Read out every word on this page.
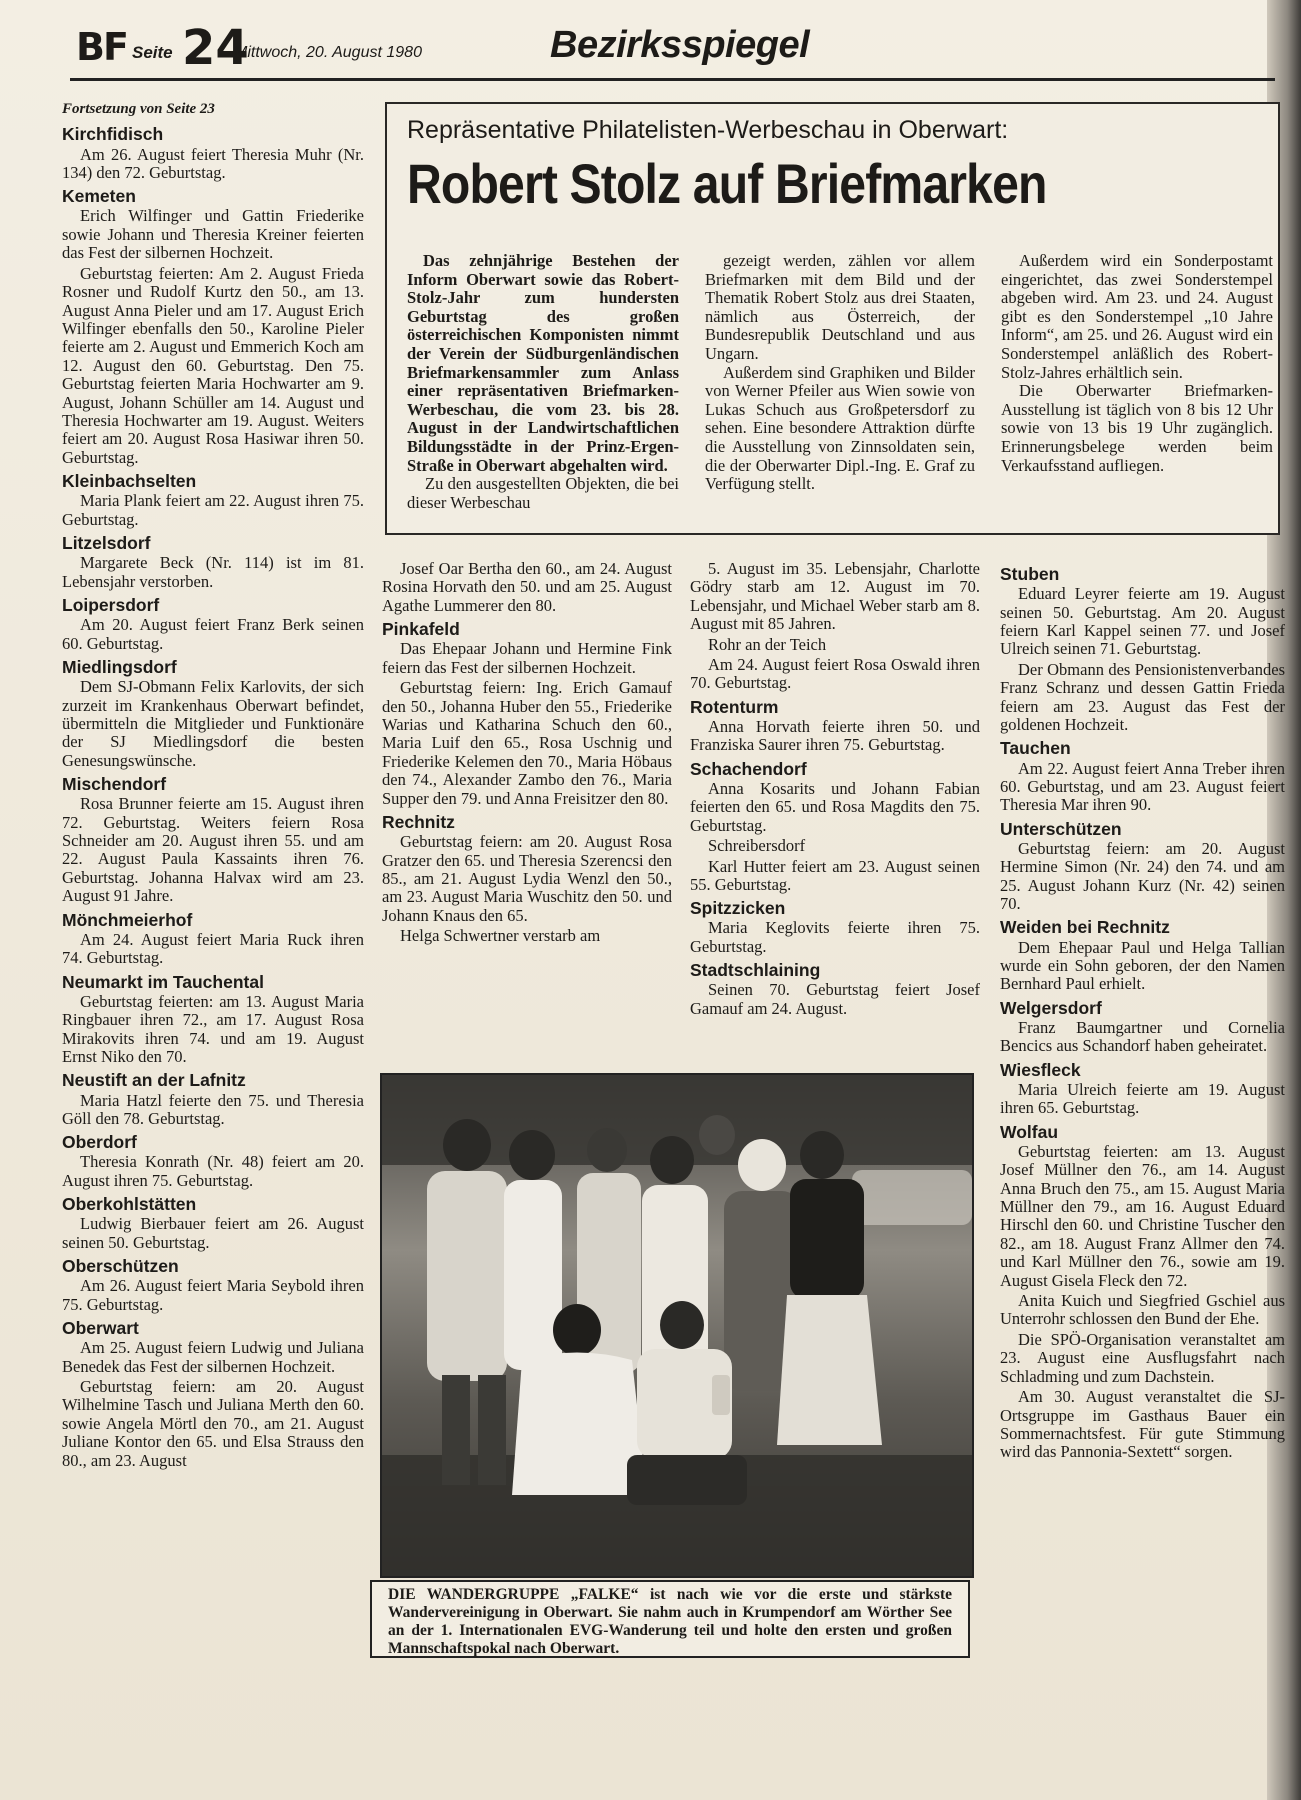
BF Seite 24
Mittwoch, 20. August 1980	Bezirksspiegel

Fortsetzung von Seite 23

Kirchfidisch

Am 26. August feiert Theresia Muhr (Nr. 134) den 72. Geburtstag.

Kemeten

Erich Wilfinger und Gattin Friederike sowie Johann und Theresia Kreiner feierten das Fest der silbernen Hochzeit.

Geburtstag feierten: Am 2. August Frieda Rosner und Rudolf Kurtz den 50., am 13. August Anna Pieler und am 17. August Erich Wilfinger ebenfalls den 50., Karoline Pieler feierte am 2. August und Emmerich Koch am 12. August den 60. Geburtstag. Den 75. Geburtstag feierten Maria Hochwarter am 9. August, Johann Schüller am 14. August und Theresia Hochwarter am 19. August. Weiters feiert am 20. August Rosa Hasiwar ihren 50. Geburtstag.

Kleinbachselten

Maria Plank feiert am 22. August ihren 75. Geburtstag.

Litzelsdorf

Margarete Beck (Nr. 114) ist im 81. Lebensjahr verstorben.

Loipersdorf

Am 20. August feiert Franz Berk seinen 60. Geburtstag.

Miedlingsdorf

Dem SJ-Obmann Felix Karlovits, der sich zurzeit im Krankenhaus Oberwart befindet, übermitteln die Mitglieder und Funktionäre der SJ Miedlingsdorf die besten Genesungswünsche.

Mischendorf

Rosa Brunner feierte am 15. August ihren 72. Geburtstag. Weiters feiern Rosa Schneider am 20. August ihren 55. und am 22. August Paula Kassaints ihren 76. Geburtstag. Johanna Halvax wird am 23. August 91 Jahre.

Mönchmeierhof

Am 24. August feiert Maria Ruck ihren 74. Geburtstag.

Neumarkt im Tauchental

Geburtstag feierten: am 13. August Maria Ringbauer ihren 72., am 17. August Rosa Mirakovits ihren 74. und am 19. August Ernst Niko den 70.

Neustift an der Lafnitz

Maria Hatzl feierte den 75. und Theresia Göll den 78. Geburtstag.

Oberdorf

Theresia Konrath (Nr. 48) feiert am 20. August ihren 75. Geburtstag.

Oberkohlstätten

Ludwig Bierbauer feiert am 26. August seinen 50. Geburtstag.

Oberschützen

Am 26. August feiert Maria Seybold ihren 75. Geburtstag.

Oberwart

Am 25. August feiern Ludwig und Juliana Benedek das Fest der silbernen Hochzeit.

Geburtstag feiern: am 20. August Wilhelmine Tasch und Juliana Merth den 60. sowie Angela Mörtl den 70., am 21. August Juliane Kontor den 65. und Elsa Strauss den 80., am 23. August

Repräsentative Philatelisten-Werbeschau in Oberwart:
Robert Stolz auf Briefmarken

Das zehnjährige Bestehen der Inform Oberwart sowie das Robert-Stolz-Jahr zum hundersten Geburtstag des großen österreichischen Komponisten nimmt der Verein der Südburgenländischen Briefmarkensammler zum Anlass einer repräsentativen Briefmarken-Werbeschau, die vom 23. bis 28. August in der Landwirtschaftlichen Bildungsstädte in der Prinz-Ergen-Straße in Oberwart abgehalten wird.

Zu den ausgestellten Objekten, die bei dieser Werbeschau

gezeigt werden, zählen vor allem Briefmarken mit dem Bild und der Thematik Robert Stolz aus drei Staaten, nämlich aus Österreich, der Bundesrepublik Deutschland und aus Ungarn.

Außerdem sind Graphiken und Bilder von Werner Pfeiler aus Wien sowie von Lukas Schuch aus Großpetersdorf zu sehen. Eine besondere Attraktion dürfte die Ausstellung von Zinnsoldaten sein, die der Oberwarter Dipl.-Ing. E. Graf zu Verfügung stellt.

Außerdem wird ein Sonderpostamt eingerichtet, das zwei Sonderstempel abgeben wird. Am 23. und 24. August gibt es den Sonderstempel „10 Jahre Inform“, am 25. und 26. August wird ein Sonderstempel anläßlich des Robert-Stolz-Jahres erhältlich sein.

Die Oberwarter Briefmarken-Ausstellung ist täglich von 8 bis 12 Uhr sowie von 13 bis 19 Uhr zugänglich. Erinnerungsbelege werden beim Verkaufsstand aufliegen.

Josef Oar Bertha den 60., am 24. August Rosina Horvath den 50. und am 25. August Agathe Lummerer den 80.

Pinkafeld

Das Ehepaar Johann und Hermine Fink feiern das Fest der silbernen Hochzeit.

Geburtstag feiern: Ing. Erich Gamauf den 50., Johanna Huber den 55., Friederike Warias und Katharina Schuch den 60., Maria Luif den 65., Rosa Uschnig und Friederike Kelemen den 70., Maria Höbaus den 74., Alexander Zambo den 76., Maria Supper den 79. und Anna Freisitzer den 80.

Rechnitz

Geburtstag feiern: am 20. August Rosa Gratzer den 65. und Theresia Szerencsi den 85., am 21. August Lydia Wenzl den 50., am 23. August Maria Wuschitz den 50. und Johann Knaus den 65.

Helga Schwertner verstarb am

5. August im 35. Lebensjahr, Charlotte Gödry starb am 12. August im 70. Lebensjahr, und Michael Weber starb am 8. August mit 85 Jahren.

Rohr an der Teich

Am 24. August feiert Rosa Oswald ihren 70. Geburtstag.

Rotenturm

Anna Horvath feierte ihren 50. und Franziska Saurer ihren 75. Geburtstag.

Schachendorf

Anna Kosarits und Johann Fabian feierten den 65. und Rosa Magdits den 75. Geburtstag.

Schreibersdorf

Karl Hutter feiert am 23. August seinen 55. Geburtstag.

Spitzzicken

Maria Keglovits feierte ihren 75. Geburtstag.

Stadtschlaining

Seinen 70. Geburtstag feiert Josef Gamauf am 24. August.

Stuben

Eduard Leyrer feierte am 19. August seinen 50. Geburtstag. Am 20. August feiern Karl Kappel seinen 77. und Josef Ulreich seinen 71. Geburtstag.

Der Obmann des Pensionistenverbandes Franz Schranz und dessen Gattin Frieda feiern am 23. August das Fest der goldenen Hochzeit.

Tauchen

Am 22. August feiert Anna Treber ihren 60. Geburtstag, und am 23. August feiert Theresia Mar ihren 90.

Unterschützen

Geburtstag feiern: am 20. August Hermine Simon (Nr. 24) den 74. und am 25. August Johann Kurz (Nr. 42) seinen 70.

Weiden bei Rechnitz

Dem Ehepaar Paul und Helga Tallian wurde ein Sohn geboren, der den Namen Bernhard Paul erhielt.

Welgersdorf

Franz Baumgartner und Cornelia Bencics aus Schandorf haben geheiratet.

Wiesfleck

Maria Ulreich feierte am 19. August ihren 65. Geburtstag.

Wolfau

Geburtstag feierten: am 13. August Josef Müllner den 76., am 14. August Anna Bruch den 75., am 15. August Maria Müllner den 79., am 16. August Eduard Hirschl den 60. und Christine Tuscher den 82., am 18. August Franz Allmer den 74. und Karl Müllner den 76., sowie am 19. August Gisela Fleck den 72.

Anita Kuich und Siegfried Gschiel aus Unterrohr schlossen den Bund der Ehe.

Die SPÖ-Organisation veranstaltet am 23. August eine Ausflugsfahrt nach Schladming und zum Dachstein.

Am 30. August veranstaltet die SJ-Ortsgruppe im Gasthaus Bauer ein Sommernachtsfest. Für gute Stimmung wird das Pannonia-Sextett“ sorgen.

DIE WANDERGRUPPE „FALKE“ ist nach wie vor die erste und stärkste Wandervereinigung in Oberwart. Sie nahm auch in Krumpendorf am Wörther See an der 1. Internationalen EVG-Wanderung teil und holte den ersten und großen Mannschaftspokal nach Oberwart.
